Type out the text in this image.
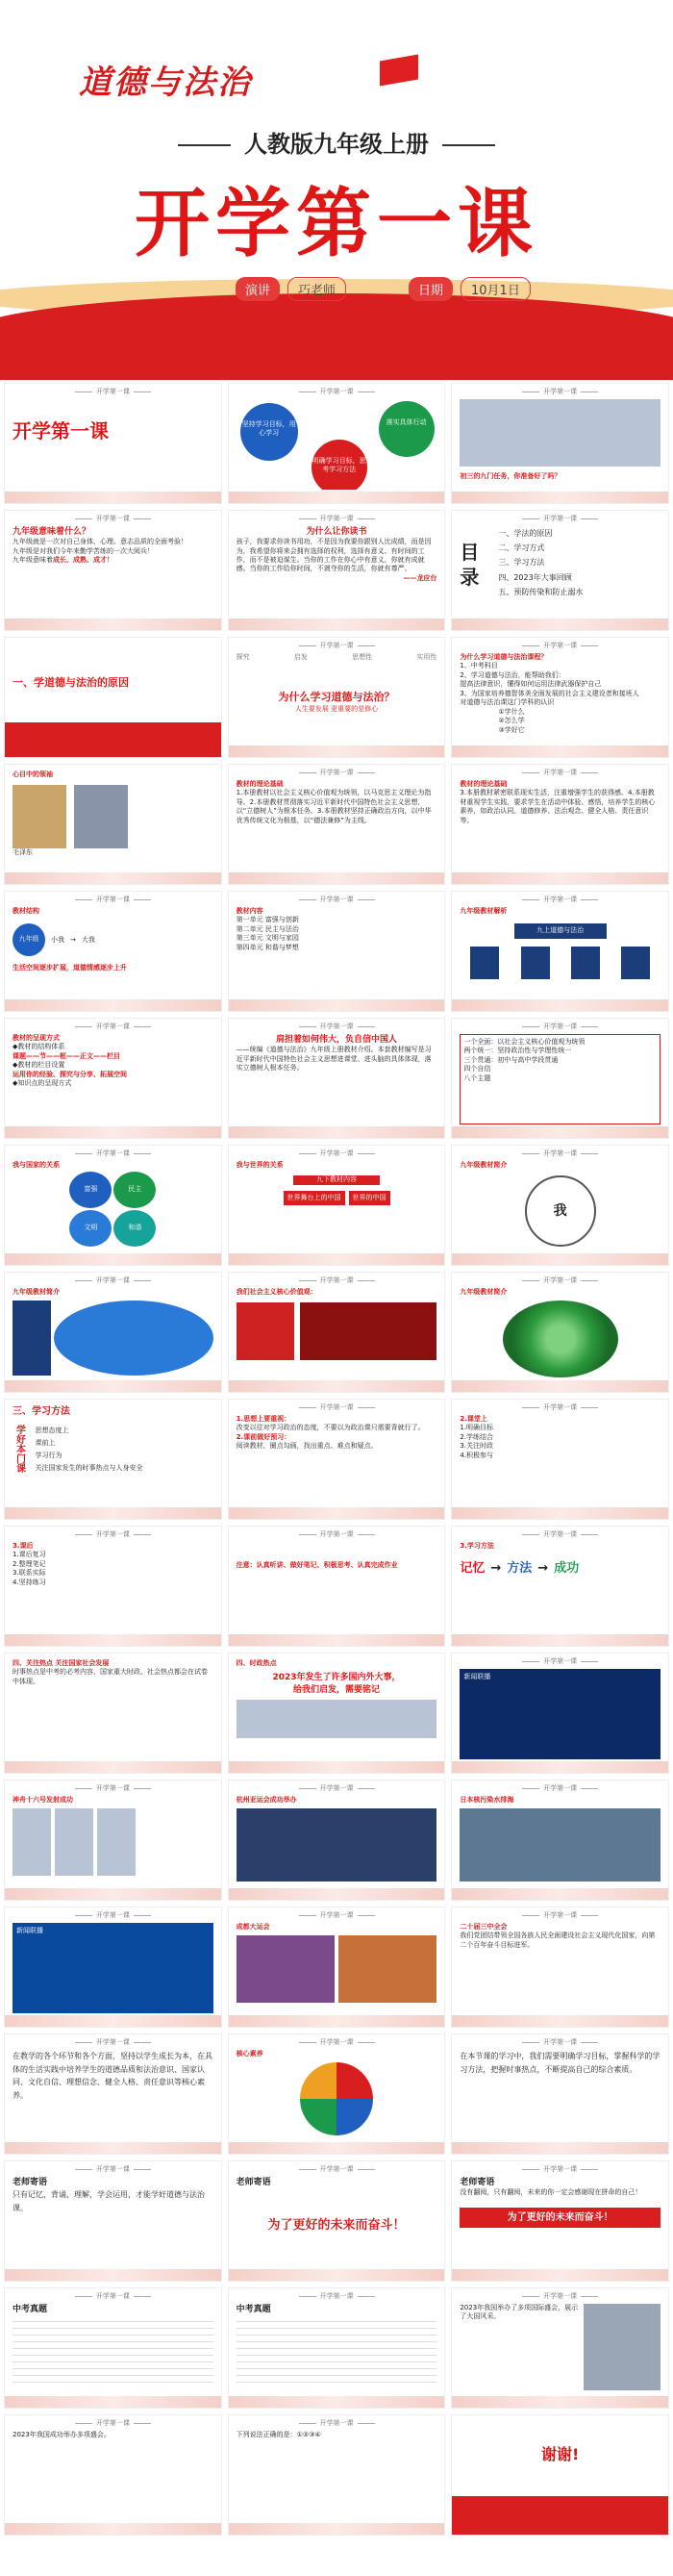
道德与法治
人教版九年级上册
开学第一课
演讲	巧老师	日期	10月1日
开学第一课
开学第一课
开学第一课
坚持学习目标，用心学习
落实具体行动
明确学习目标，思考学习方法
开学第一课
初三的九门任务，你准备好了吗？
开学第一课
九年级意味着什么？
九年级就是一次对自己身体、心理、意志品质的全面考验！
九年级是对我们今年来勤学苦练的一次大阅兵！
九年级意味着成长、成熟、成才！
开学第一课
为什么让你读书
孩子，我要求你读书用功，不是因为我要你跟别人比成绩，而是因为，我希望你将来会拥有选择的权利，选择有意义、有时间的工作，而不是被迫谋生。当你的工作在你心中有意义，你就有成就感。当你的工作给你时间，不剥夺你的生活，你就有尊严。
——龙应台
开学第一课
目
录
一、学法的原因
二、学习方式
三、学习方法
四、2023年大事回顾
五、预防传染和防止溺水
一、学道德与法治的原因
开学第一课
探究	启发	思想性	实用性
为什么学习道德与法治？
人生要发展 更重要的是修心
开学第一课
为什么学习道德与法治课程？
1、中考科目
2、学习道德与法治，能帮助我们：
提高法律意识，懂得如何运用法律武器保护自己
3、为国家培养德智体美全面发展的社会主义建设者和接班人
对道德与法治课这门学科的认识
①学什么
②怎么学
③学好它
心目中的领袖
毛泽东
开学第一课
教材的理论基础
1.本册教材以社会主义核心价值观为统领，以马克思主义理论为指导。2.本册教材贯彻落实习近平新时代中国特色社会主义思想，以“立德树人”为根本任务。3.本册教材坚持正确政治方向，以中华优秀传统文化为根基，以“德法兼修”为主线。
开学第一课
教材的理论基础
3.本册教材紧密联系现实生活，注重增强学生的获得感。4.本册教材重视学生实践，要求学生在活动中体验、感悟，培养学生的核心素养，如政治认同、道德修养、法治观念、健全人格、责任意识等。
开学第一课
教材结构
九年级	小我 → 大我
生活空间逐步扩展，道德情感逐步上升
开学第一课
教材内容
第一单元 富强与创新
第二单元 民主与法治
第三单元 文明与家园
第四单元 和谐与梦想
开学第一课
九年级教材解析
九上道德与法治
开学第一课
教材的呈现方式
◆教材的结构体系
课题——节——框——正文——栏目
◆教材的栏目设置
运用你的经验、探究与分享、拓展空间
◆知识点的呈现方式
开学第一课
肩担着如何伟大，负自信中国人
——统编《道德与法治》九年级上册教材介绍。本套教材编写是习近平新时代中国特色社会主义思想进课堂、进头脑的具体体现，落实立德树人根本任务。
开学第一课
一个全面：以社会主义核心价值观为统领
两个统一：坚持政治性与学理性统一
三个贯通：初中与高中学段贯通
四个自信
八个主题
开学第一课
我与国家的关系
富强	民主
文明	和谐
开学第一课
我与世界的关系
九下教材内容
世界舞台上的中国	世界的中国
开学第一课
九年级教材简介
我
开学第一课
九年级教材简介
开学第一课
我们社会主义核心价值观：
开学第一课
九年级教材简介
三、学习方法
学好本门课 思想态度上
课前上
学习行为
关注国家发生的时事热点与人身安全
开学第一课
1.思想上要重视：
改变以往对学习政治的态度，不要以为政治课只需要背就行了。
2.课前做好预习：
阅读教材，圈点勾画，找出重点、难点和疑点。
开学第一课
2.课堂上
1.明确目标
2.学练结合
3.关注时政
4.积极参与
开学第一课
3.课后
1.课后复习
2.整理笔记
3.联系实际
4.坚持练习
开学第一课
注意：认真听讲、做好笔记、积极思考、认真完成作业
开学第一课
3.学习方法
记忆 → 方法 → 成功
四、关注热点 关注国家社会发展
时事热点是中考的必考内容，国家重大时政、社会热点都会在试卷中体现。
四、时政热点
2023年发生了许多国内外大事，
给我们启发，需要铭记
开学第一课
新闻联播
开学第一课
神舟十六号发射成功
开学第一课
杭州亚运会成功举办
开学第一课
日本核污染水排海
开学第一课
新闻联播
开学第一课
成都大运会
开学第一课
二十届三中全会
我们党团结带领全国各族人民全面建设社会主义现代化国家，向第二个百年奋斗目标进军。
开学第一课
在教学的各个环节和各个方面，坚持以学生成长为本，在具体的生活实践中培养学生的道德品质和法治意识、国家认同、文化自信、理想信念、健全人格、责任意识等核心素养。
开学第一课
核心素养
开学第一课
在本节课的学习中，我们需要明确学习目标，掌握科学的学习方法，把握时事热点，不断提高自己的综合素质。
开学第一课
老师寄语
只有记忆，背诵，理解，学会运用，才能学好道德与法治课。
开学第一课
老师寄语
为了更好的未来而奋斗！
开学第一课
老师寄语
没有翻阅，只有翻阅，未来的你一定会感谢现在拼命的自己！
为了更好的未来而奋斗！
开学第一课
中考真题
开学第一课
中考真题
开学第一课
2023年我国举办了多项国际盛会，展示了大国风采。
开学第一课
2023年我国成功举办多项盛会。
开学第一课
下列说法正确的是：①②③④
谢谢!
